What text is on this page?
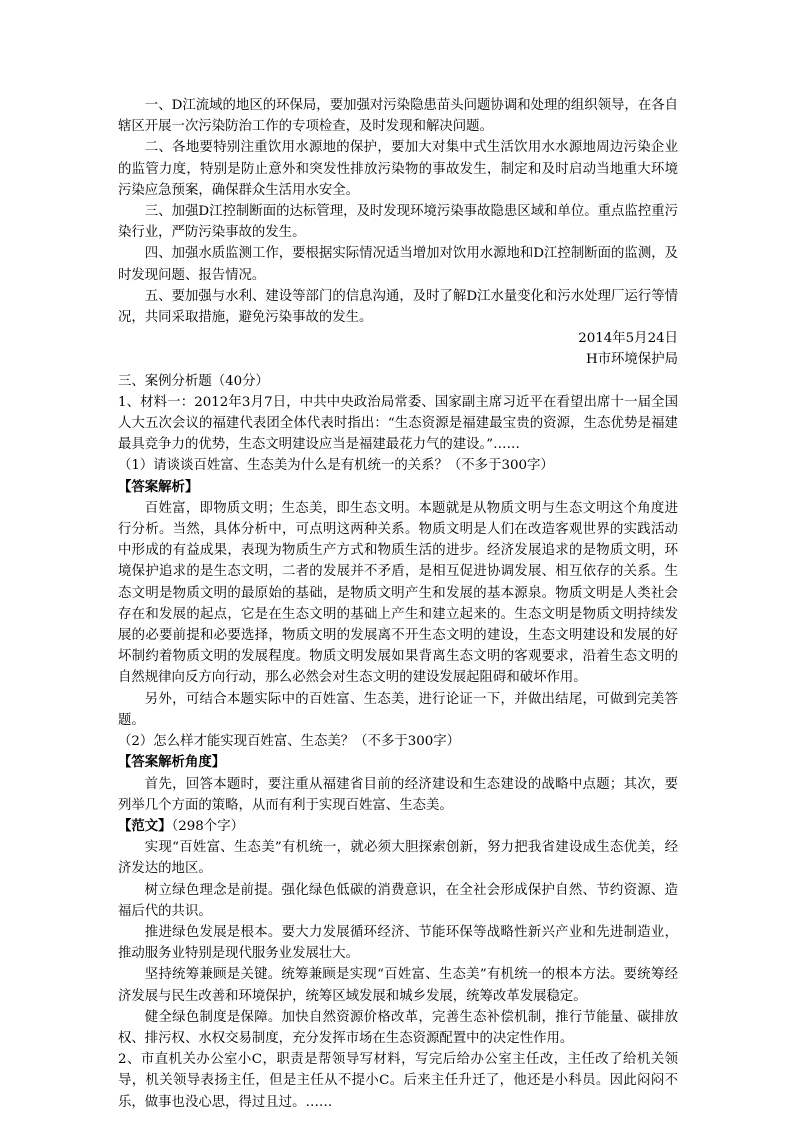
一、D江流域的地区的环保局，要加强对污染隐患苗头问题协调和处理的组织领导，在各自辖区开展一次污染防治工作的专项检查，及时发现和解决问题。

二、各地要特别注重饮用水源地的保护，要加大对集中式生活饮用水水源地周边污染企业的监管力度，特别是防止意外和突发性排放污染物的事故发生，制定和及时启动当地重大环境污染应急预案，确保群众生活用水安全。

三、加强D江控制断面的达标管理，及时发现环境污染事故隐患区域和单位。重点监控重污染行业，严防污染事故的发生。

四、加强水质监测工作，要根据实际情况适当增加对饮用水源地和D江控制断面的监测，及时发现问题、报告情况。

五、要加强与水利、建设等部门的信息沟通，及时了解D江水量变化和污水处理厂运行等情况，共同采取措施，避免污染事故的发生。

2014年5月24日

H市环境保护局

三、案例分析题（40分）

1、材料一：2012年3月7日，中共中央政治局常委、国家副主席习近平在看望出席十一届全国人大五次会议的福建代表团全体代表时指出：“生态资源是福建最宝贵的资源，生态优势是福建最具竞争力的优势，生态文明建设应当是福建最花力气的建设。”……

（1）请谈谈百姓富、生态美为什么是有机统一的关系？（不多于300字）

【答案解析】

百姓富，即物质文明；生态美，即生态文明。本题就是从物质文明与生态文明这个角度进行分析。当然，具体分析中，可点明这两种关系。物质文明是人们在改造客观世界的实践活动中形成的有益成果，表现为物质生产方式和物质生活的进步。经济发展追求的是物质文明，环境保护追求的是生态文明，二者的发展并不矛盾，是相互促进协调发展、相互依存的关系。生态文明是物质文明的最原始的基础，是物质文明产生和发展的基本源泉。物质文明是人类社会存在和发展的起点，它是在生态文明的基础上产生和建立起来的。生态文明是物质文明持续发展的必要前提和必要选择，物质文明的发展离不开生态文明的建设，生态文明建设和发展的好坏制约着物质文明的发展程度。物质文明发展如果背离生态文明的客观要求，沿着生态文明的自然规律向反方向行动，那么必然会对生态文明的建设发展起阻碍和破坏作用。

另外，可结合本题实际中的百姓富、生态美，进行论证一下，并做出结尾，可做到完美答题。

（2）怎么样才能实现百姓富、生态美？（不多于300字）

【答案解析角度】

首先，回答本题时，要注重从福建省目前的经济建设和生态建设的战略中点题；其次，要列举几个方面的策略，从而有利于实现百姓富、生态美。

【范文】（298个字）

实现“百姓富、生态美”有机统一，就必须大胆探索创新，努力把我省建设成生态优美，经济发达的地区。

树立绿色理念是前提。强化绿色低碳的消费意识，在全社会形成保护自然、节约资源、造福后代的共识。

推进绿色发展是根本。要大力发展循环经济、节能环保等战略性新兴产业和先进制造业，推动服务业特别是现代服务业发展壮大。

坚持统筹兼顾是关键。统筹兼顾是实现“百姓富、生态美”有机统一的根本方法。要统筹经济发展与民生改善和环境保护，统筹区域发展和城乡发展，统筹改革发展稳定。

健全绿色制度是保障。加快自然资源价格改革，完善生态补偿机制，推行节能量、碳排放权、排污权、水权交易制度，充分发挥市场在生态资源配置中的决定性作用。

2、市直机关办公室小C，职责是帮领导写材料，写完后给办公室主任改，主任改了给机关领导，机关领导表扬主任，但是主任从不提小C。后来主任升迁了，他还是小科员。因此闷闷不乐，做事也没心思，得过且过。……
